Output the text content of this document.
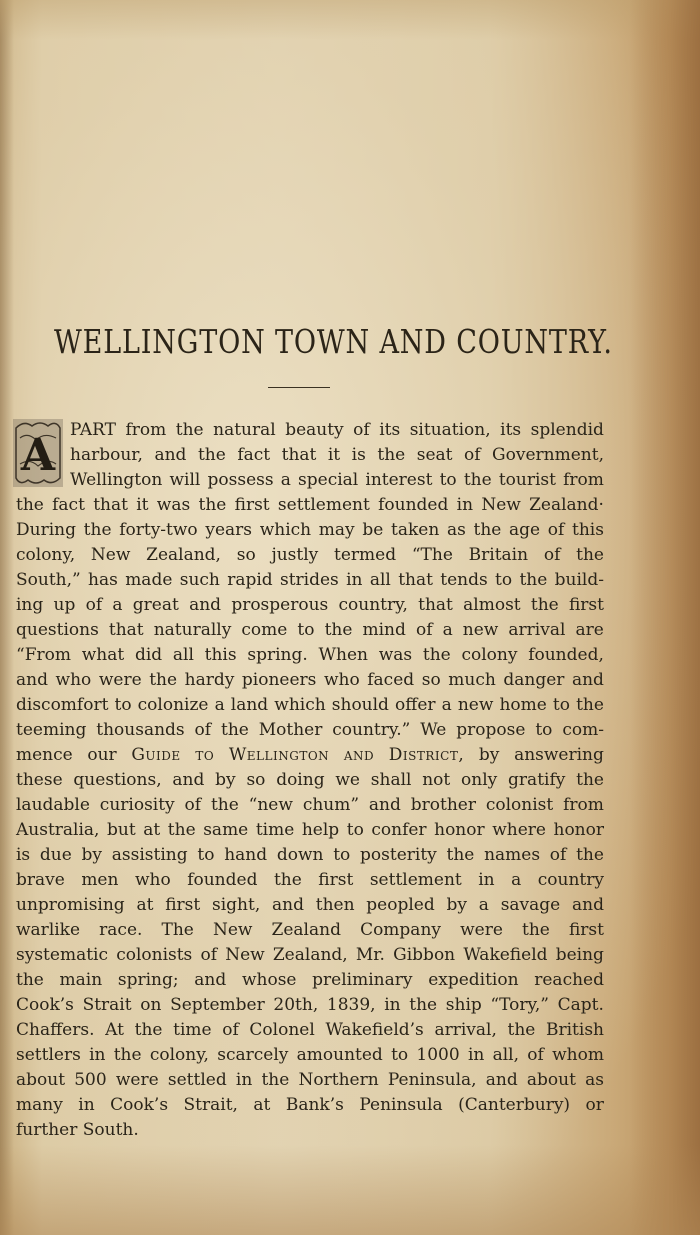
WELLINGTON TOWN AND COUNTRY.
A PART from the natural beauty of its situation, its splendid
harbour, and the fact that it is the seat of Government,
Wellington will possess a special interest to the tourist from
the fact that it was the first settlement founded in New Zealand·
During the forty-two years which may be taken as the age of this
colony, New Zealand, so justly termed “The Britain of the
South,” has made such rapid strides in all that tends to the build-
ing up of a great and prosperous country, that almost the first
questions that naturally come to the mind of a new arrival are
“From what did all this spring. When was the colony founded,
and who were the hardy pioneers who faced so much danger and
discomfort to colonize a land which should offer a new home to the
teeming thousands of the Mother country.” We propose to com-
mence our Guide to Wellington and District, by answering
these questions, and by so doing we shall not only gratify the
laudable curiosity of the “new chum” and brother colonist from
Australia, but at the same time help to confer honor where honor
is due by assisting to hand down to posterity the names of the
brave men who founded the first settlement in a country
unpromising at first sight, and then peopled by a savage and
warlike race. The New Zealand Company were the first
systematic colonists of New Zealand, Mr. Gibbon Wakefield being
the main spring; and whose preliminary expedition reached
Cook’s Strait on September 20th, 1839, in the ship “Tory,” Capt.
Chaffers. At the time of Colonel Wakefield’s arrival, the British
settlers in the colony, scarcely amounted to 1000 in all, of whom
about 500 were settled in the Northern Peninsula, and about as
many in Cook’s Strait, at Bank’s Peninsula (Canterbury) or
further
South.
